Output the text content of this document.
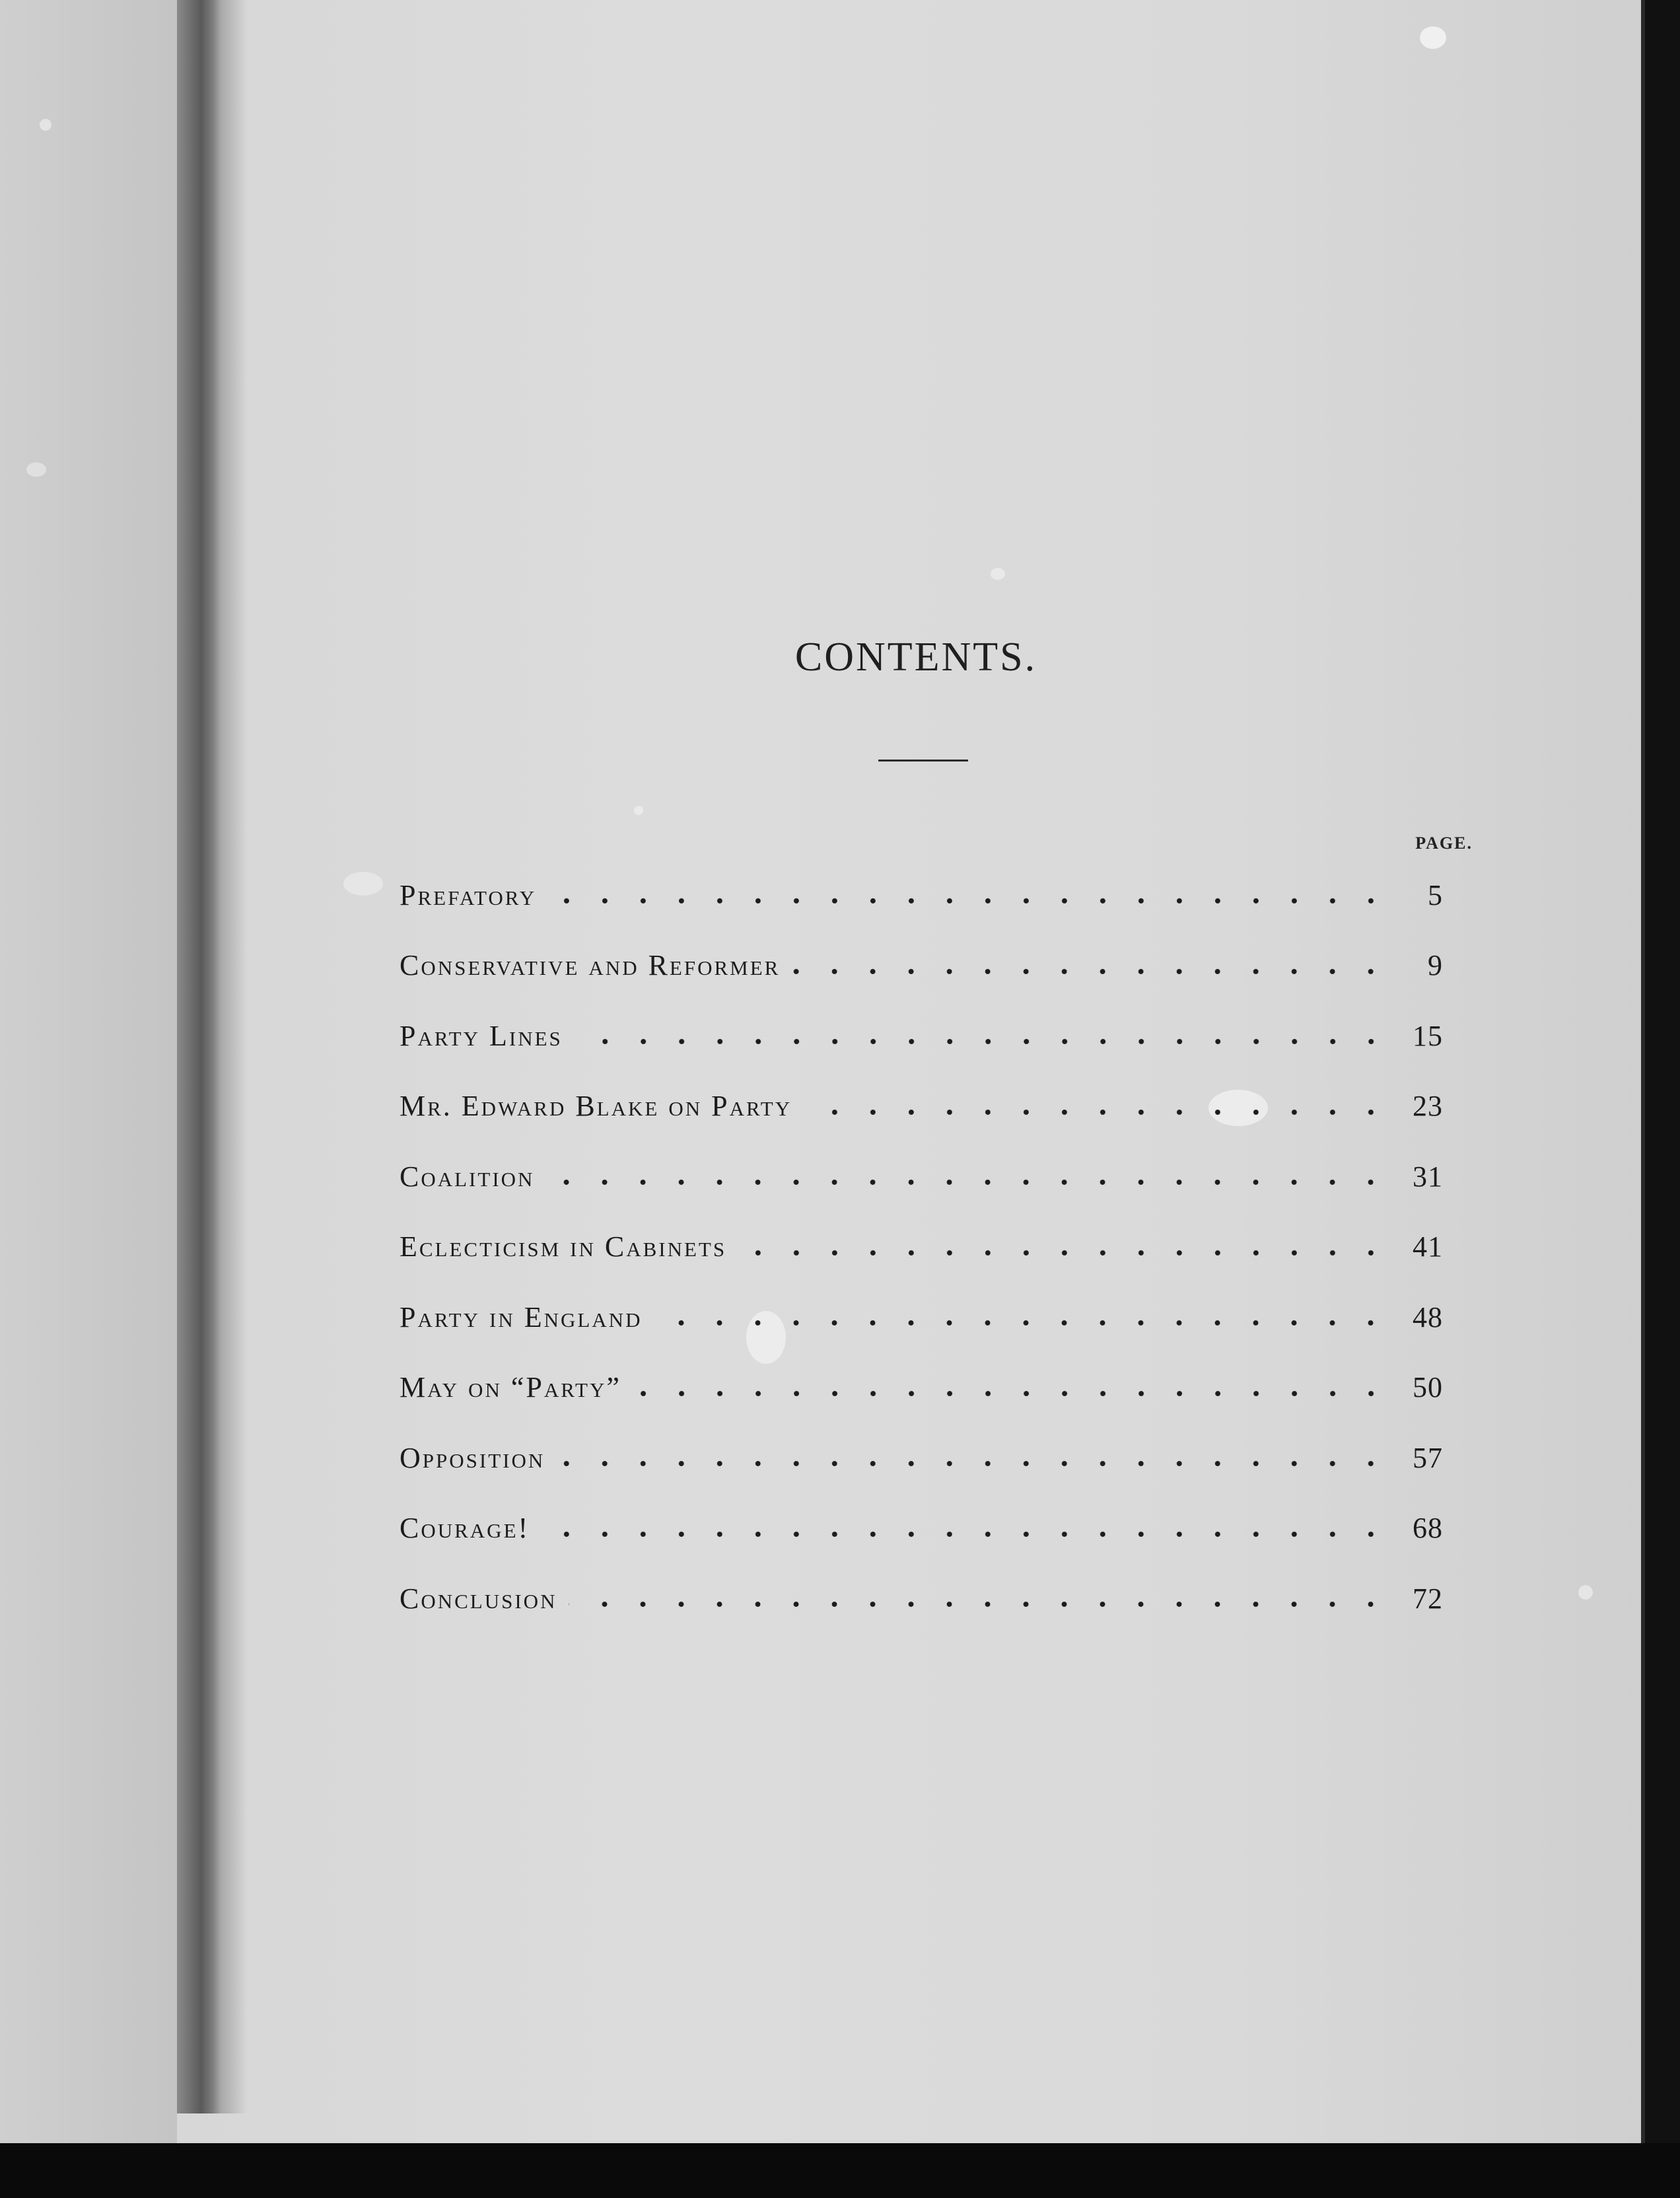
CONTENTS.
PAGE.
Prefatory	5
Conservative and Reformer	9
Party Lines	15
Mr. Edward Blake on Party	23
Coalition	31
Eclecticism in Cabinets	41
Party in England	48
May on “Party”	50
Opposition	57
Courage!	68
Conclusion	72
